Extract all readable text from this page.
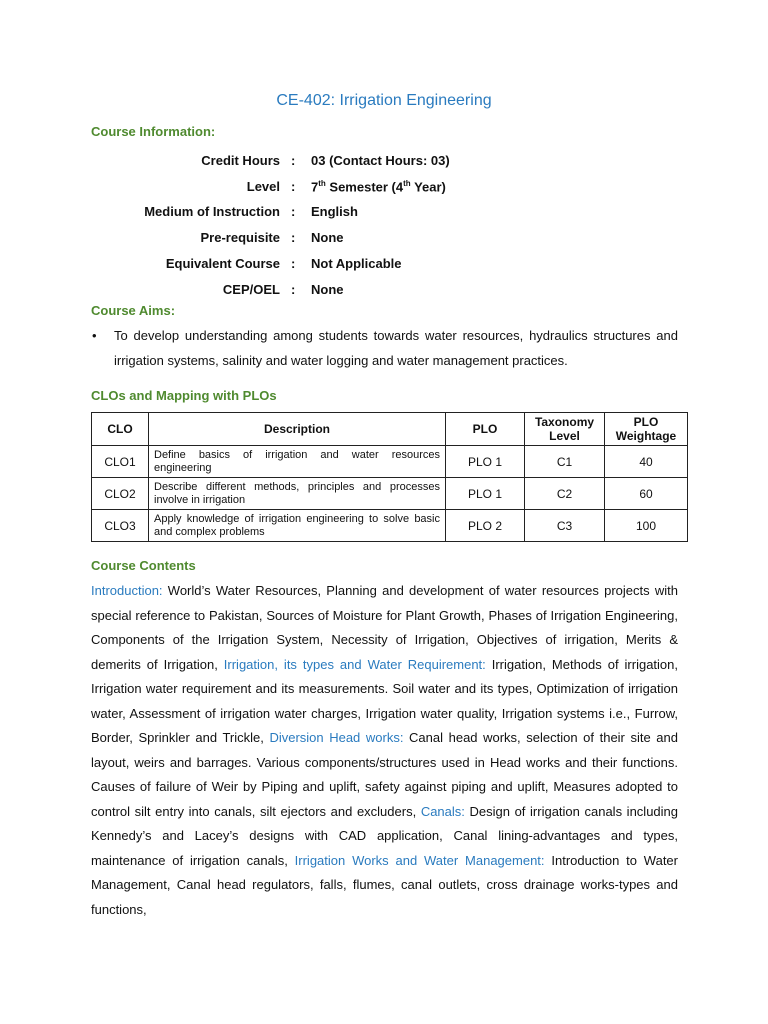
CE-402: Irrigation Engineering
Course Information:
Credit Hours : 03 (Contact Hours: 03)
Level : 7th Semester (4th Year)
Medium of Instruction : English
Pre-requisite : None
Equivalent Course : Not Applicable
CEP/OEL : None
Course Aims:
• To develop understanding among students towards water resources, hydraulics structures and irrigation systems, salinity and water logging and water management practices.
CLOs and Mapping with PLOs
CLO	Description	PLO	Taxonomy Level	PLO Weightage
CLO1	Define basics of irrigation and water resources engineering	PLO 1	C1	40
CLO2	Describe different methods, principles and processes involve in irrigation	PLO 1	C2	60
CLO3	Apply knowledge of irrigation engineering to solve basic and complex problems	PLO 2	C3	100
Course Contents
Introduction: World’s Water Resources, Planning and development of water resources projects with special reference to Pakistan, Sources of Moisture for Plant Growth, Phases of Irrigation Engineering, Components of the Irrigation System, Necessity of Irrigation, Objectives of irrigation, Merits & demerits of Irrigation, Irrigation, its types and Water Requirement: Irrigation, Methods of irrigation, Irrigation water requirement and its measurements. Soil water and its types, Optimization of irrigation water, Assessment of irrigation water charges, Irrigation water quality, Irrigation systems i.e., Furrow, Border, Sprinkler and Trickle, Diversion Head works: Canal head works, selection of their site and layout, weirs and barrages. Various components/structures used in Head works and their functions. Causes of failure of Weir by Piping and uplift, safety against piping and uplift, Measures adopted to control silt entry into canals, silt ejectors and excluders, Canals: Design of irrigation canals including Kennedy’s and Lacey’s designs with CAD application, Canal lining-advantages and types, maintenance of irrigation canals, Irrigation Works and Water Management: Introduction to Water Management, Canal head regulators, falls, flumes, canal outlets, cross drainage works-types and functions,
